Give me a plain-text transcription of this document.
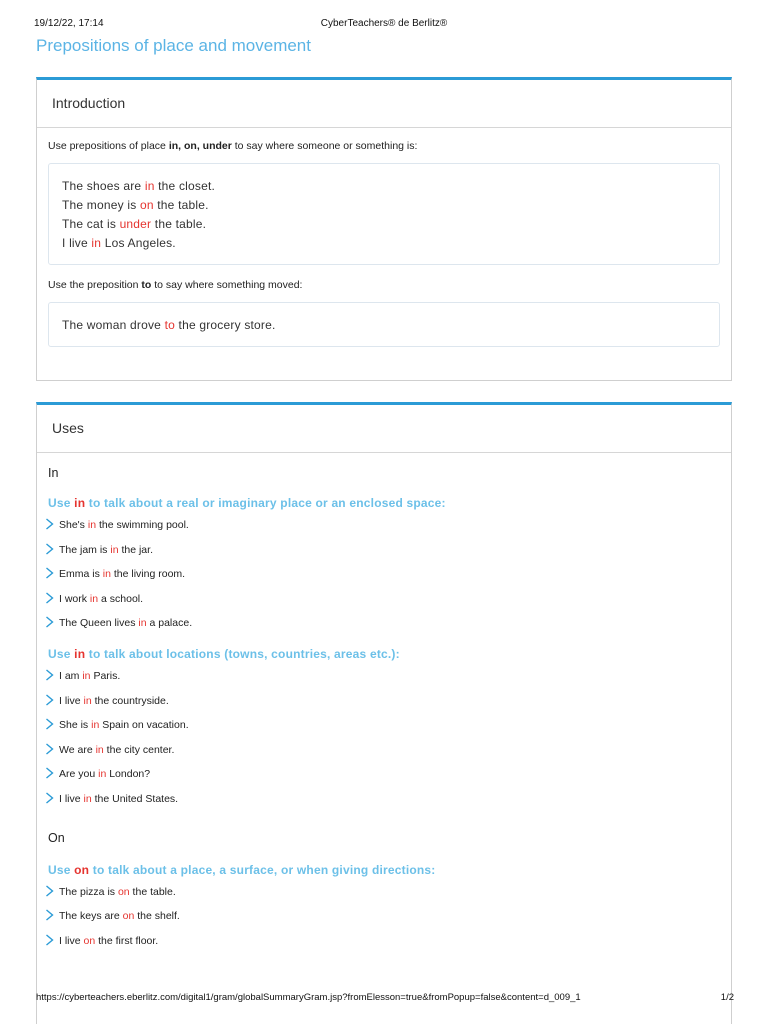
19/12/22, 17:14	CyberTeachers® de Berlitz®
Prepositions of place and movement
Introduction
Use prepositions of place in, on, under to say where someone or something is:
The shoes are in the closet.
The money is on the table.
The cat is under the table.
I live in Los Angeles.
Use the preposition to to say where something moved:
The woman drove to the grocery store.
Uses
In
Use in to talk about a real or imaginary place or an enclosed space:
She's in the swimming pool.
The jam is in the jar.
Emma is in the living room.
I work in a school.
The Queen lives in a palace.
Use in to talk about locations (towns, countries, areas etc.):
I am in Paris.
I live in the countryside.
She is in Spain on vacation.
We are in the city center.
Are you in London?
I live in the United States.
On
Use on to talk about a place, a surface, or when giving directions:
The pizza is on the table.
The keys are on the shelf.
I live on the first floor.
https://cyberteachers.eberlitz.com/digital1/gram/globalSummaryGram.jsp?fromElesson=true&fromPopup=false&content=d_009_1	1/2
